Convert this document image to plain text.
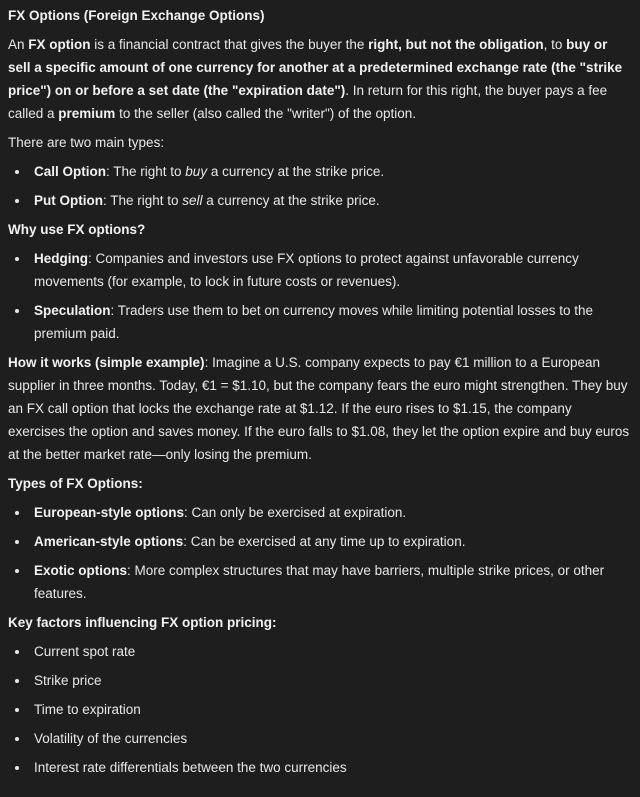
FX Options (Foreign Exchange Options)
An FX option is a financial contract that gives the buyer the right, but not the obligation, to buy or sell a specific amount of one currency for another at a predetermined exchange rate (the "strike price") on or before a set date (the "expiration date"). In return for this right, the buyer pays a fee called a premium to the seller (also called the "writer") of the option.
There are two main types:
Call Option: The right to buy a currency at the strike price.
Put Option: The right to sell a currency at the strike price.
Why use FX options?
Hedging: Companies and investors use FX options to protect against unfavorable currency movements (for example, to lock in future costs or revenues).
Speculation: Traders use them to bet on currency moves while limiting potential losses to the premium paid.
How it works (simple example): Imagine a U.S. company expects to pay €1 million to a European supplier in three months. Today, €1 = $1.10, but the company fears the euro might strengthen. They buy an FX call option that locks the exchange rate at $1.12. If the euro rises to $1.15, the company exercises the option and saves money. If the euro falls to $1.08, they let the option expire and buy euros at the better market rate—only losing the premium.
Types of FX Options:
European-style options: Can only be exercised at expiration.
American-style options: Can be exercised at any time up to expiration.
Exotic options: More complex structures that may have barriers, multiple strike prices, or other features.
Key factors influencing FX option pricing:
Current spot rate
Strike price
Time to expiration
Volatility of the currencies
Interest rate differentials between the two currencies
